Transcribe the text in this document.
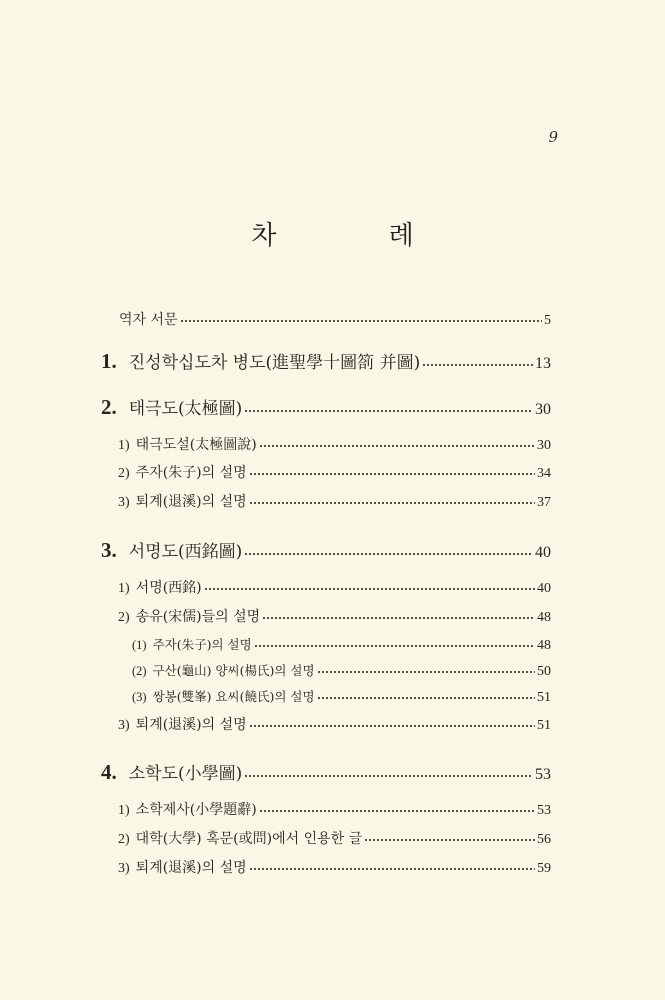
9
차 례
역자 서문	5
1. 진성학십도차 병도(進聖學十圖箚 并圖)	13
2. 태극도(太極圖)	30
1) 태극도설(太極圖說)	30
2) 주자(朱子)의 설명	34
3) 퇴계(退溪)의 설명	37
3. 서명도(西銘圖)	40
1) 서명(西銘)	40
2) 송유(宋儒)들의 설명	48
(1) 주자(朱子)의 설명	48
(2) 구산(龜山) 양씨(楊氏)의 설명	50
(3) 쌍봉(雙峯) 요씨(饒氏)의 설명	51
3) 퇴계(退溪)의 설명	51
4. 소학도(小學圖)	53
1) 소학제사(小學題辭)	53
2) 대학(大學) 혹문(或問)에서 인용한 글	56
3) 퇴계(退溪)의 설명	59
